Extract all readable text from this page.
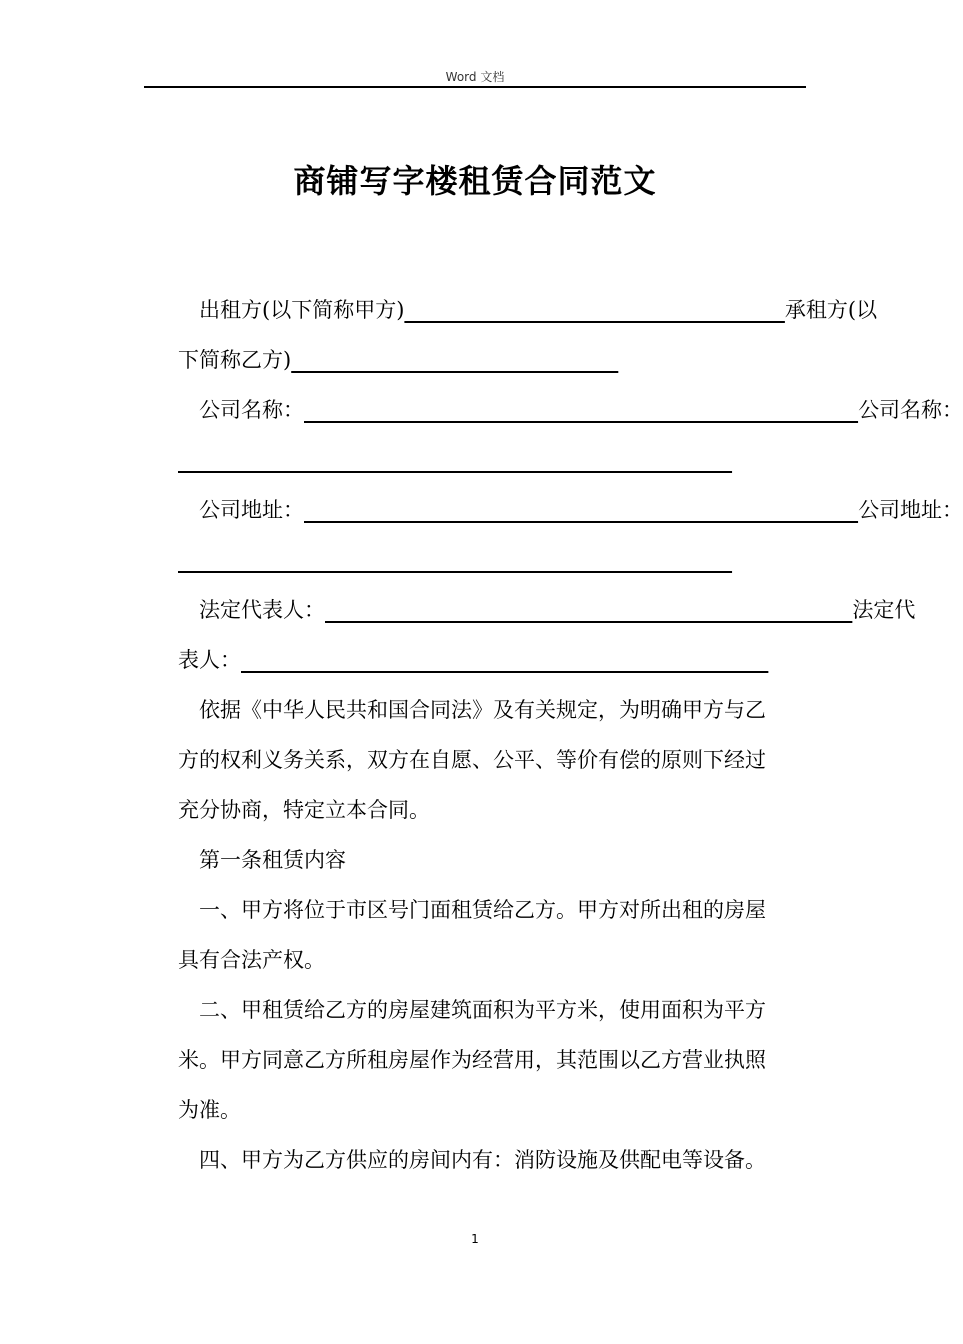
Word 文档
商铺写字楼租赁合同范文
出租方(以下简称甲方)	承租方(以
下简称乙方)
公司名称：	公司名称：

公司地址：	公司地址：

法定代表人：	法定代
表人：
依据《中华人民共和国合同法》及有关规定，为明确甲方与乙
方的权利义务关系，双方在自愿、公平、等价有偿的原则下经过
充分协商，特定立本合同。
第一条租赁内容
一、甲方将位于市区号门面租赁给乙方。甲方对所出租的房屋
具有合法产权。
二、甲租赁给乙方的房屋建筑面积为平方米，使用面积为平方
米。甲方同意乙方所租房屋作为经营用，其范围以乙方营业执照
为准。
四、甲方为乙方供应的房间内有：消防设施及供配电等设备。
1
